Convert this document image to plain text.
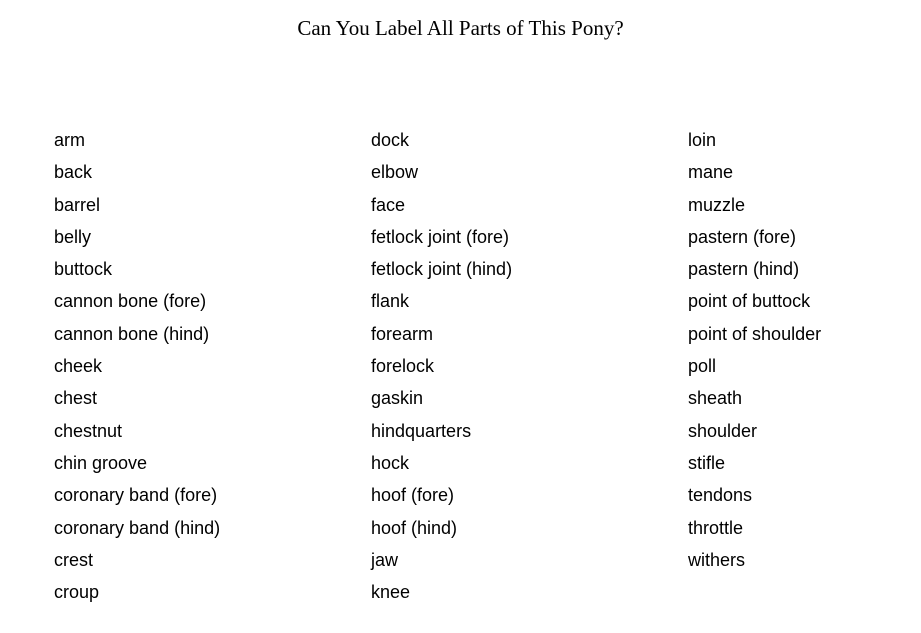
Can You Label All Parts of This Pony?
arm
back
barrel
belly
buttock
cannon bone (fore)
cannon bone (hind)
cheek
chest
chestnut
chin groove
coronary band (fore)
coronary band (hind)
crest
croup
dock
elbow
face
fetlock joint (fore)
fetlock joint (hind)
flank
forearm
forelock
gaskin
hindquarters
hock
hoof (fore)
hoof (hind)
jaw
knee
loin
mane
muzzle
pastern (fore)
pastern (hind)
point of buttock
point of shoulder
poll
sheath
shoulder
stifle
tendons
throttle
withers
